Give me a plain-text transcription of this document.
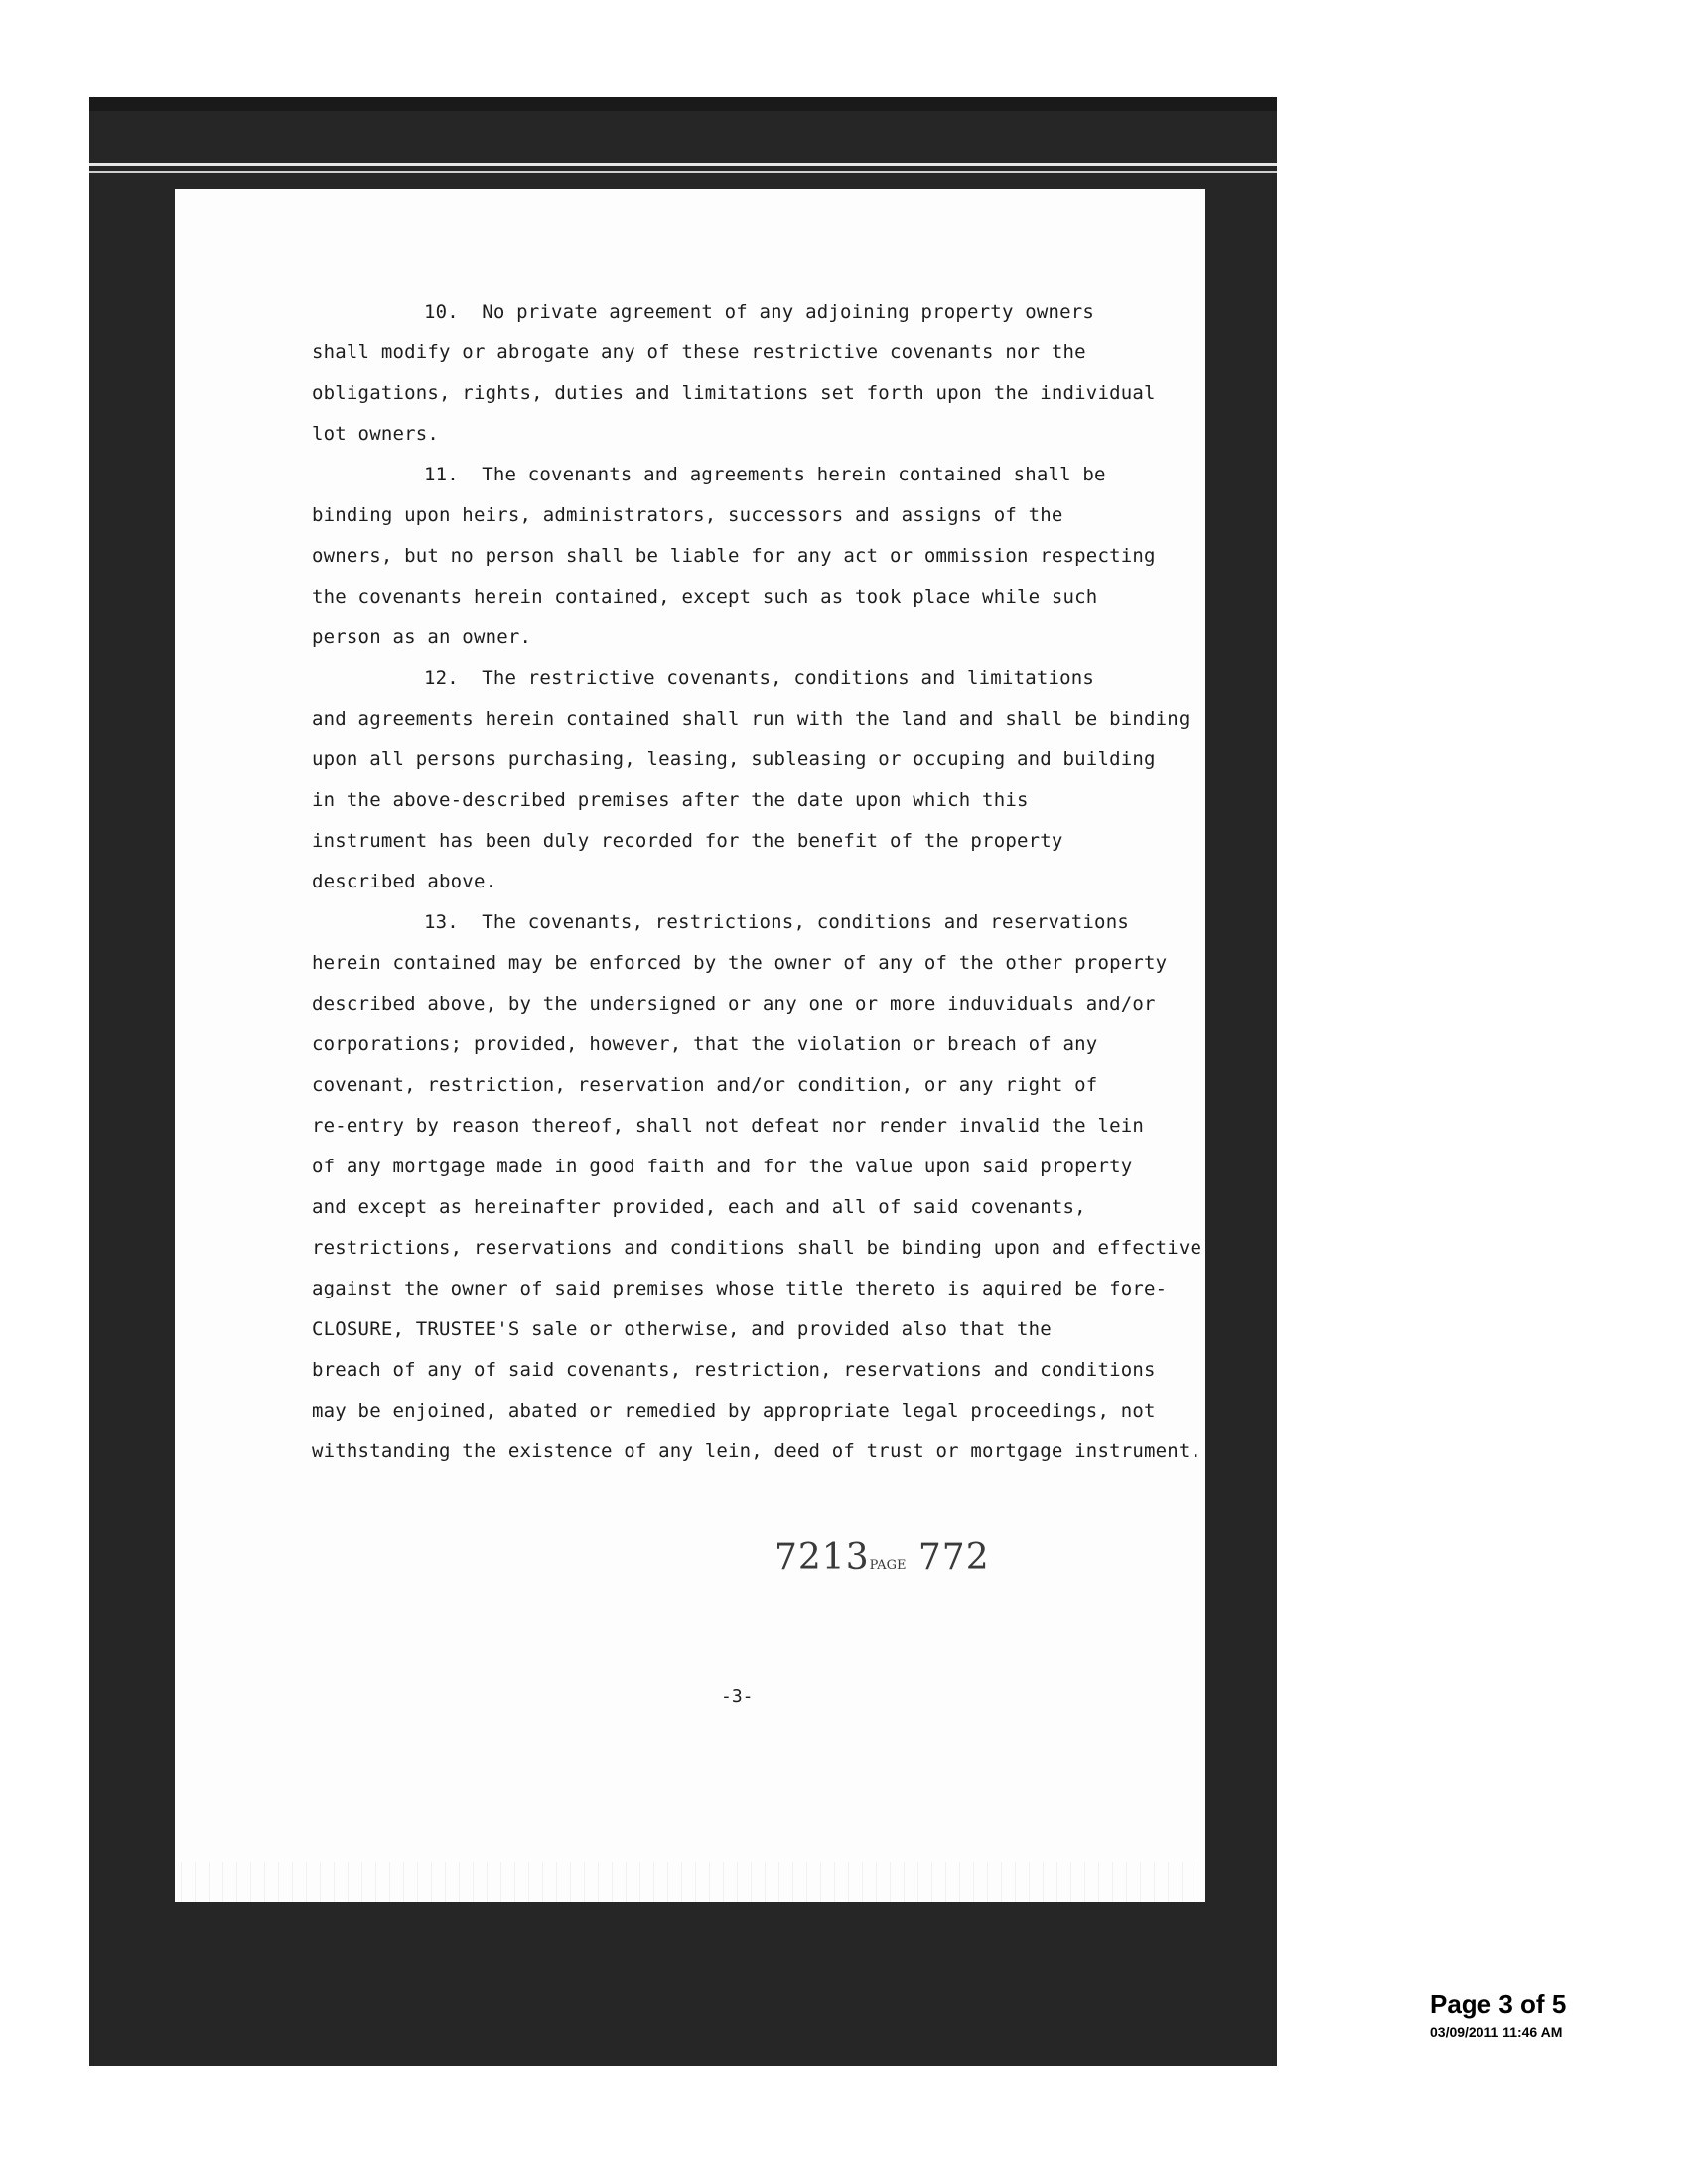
10.  No private agreement of any adjoining property owners
shall modify or abrogate any of these restrictive covenants nor the
obligations, rights, duties and limitations set forth upon the individual
lot owners.
11.  The covenants and agreements herein contained shall be
binding upon heirs, administrators, successors and assigns of the
owners, but no person shall be liable for any act or ommission respecting
the covenants herein contained, except such as took place while such
person as an owner.
12.  The restrictive covenants, conditions and limitations
and agreements herein contained shall run with the land and shall be binding
upon all persons purchasing, leasing, subleasing or occuping and building
in the above-described premises after the date upon which this
instrument has been duly recorded for the benefit of the property
described above.
13.  The covenants, restrictions, conditions and reservations
herein contained may be enforced by the owner of any of the other property
described above, by the undersigned or any one or more induviduals and/or
corporations; provided, however, that the violation or breach of any
covenant, restriction, reservation and/or condition, or any right of
re-entry by reason thereof, shall not defeat nor render invalid the lein
of any mortgage made in good faith and for the value upon said property
and except as hereinafter provided, each and all of said covenants,
restrictions, reservations and conditions shall be binding upon and effective
against the owner of said premises whose title thereto is aquired be fore-
CLOSURE, TRUSTEE'S sale or otherwise, and provided also that the
breach of any of said covenants, restriction, reservations and conditions
may be enjoined, abated or remedied by appropriate legal proceedings, not
withstanding the existence of any lein, deed of trust or mortgage instrument.
7213PAGE 772
-3-
Page 3 of 5
03/09/2011 11:46 AM
